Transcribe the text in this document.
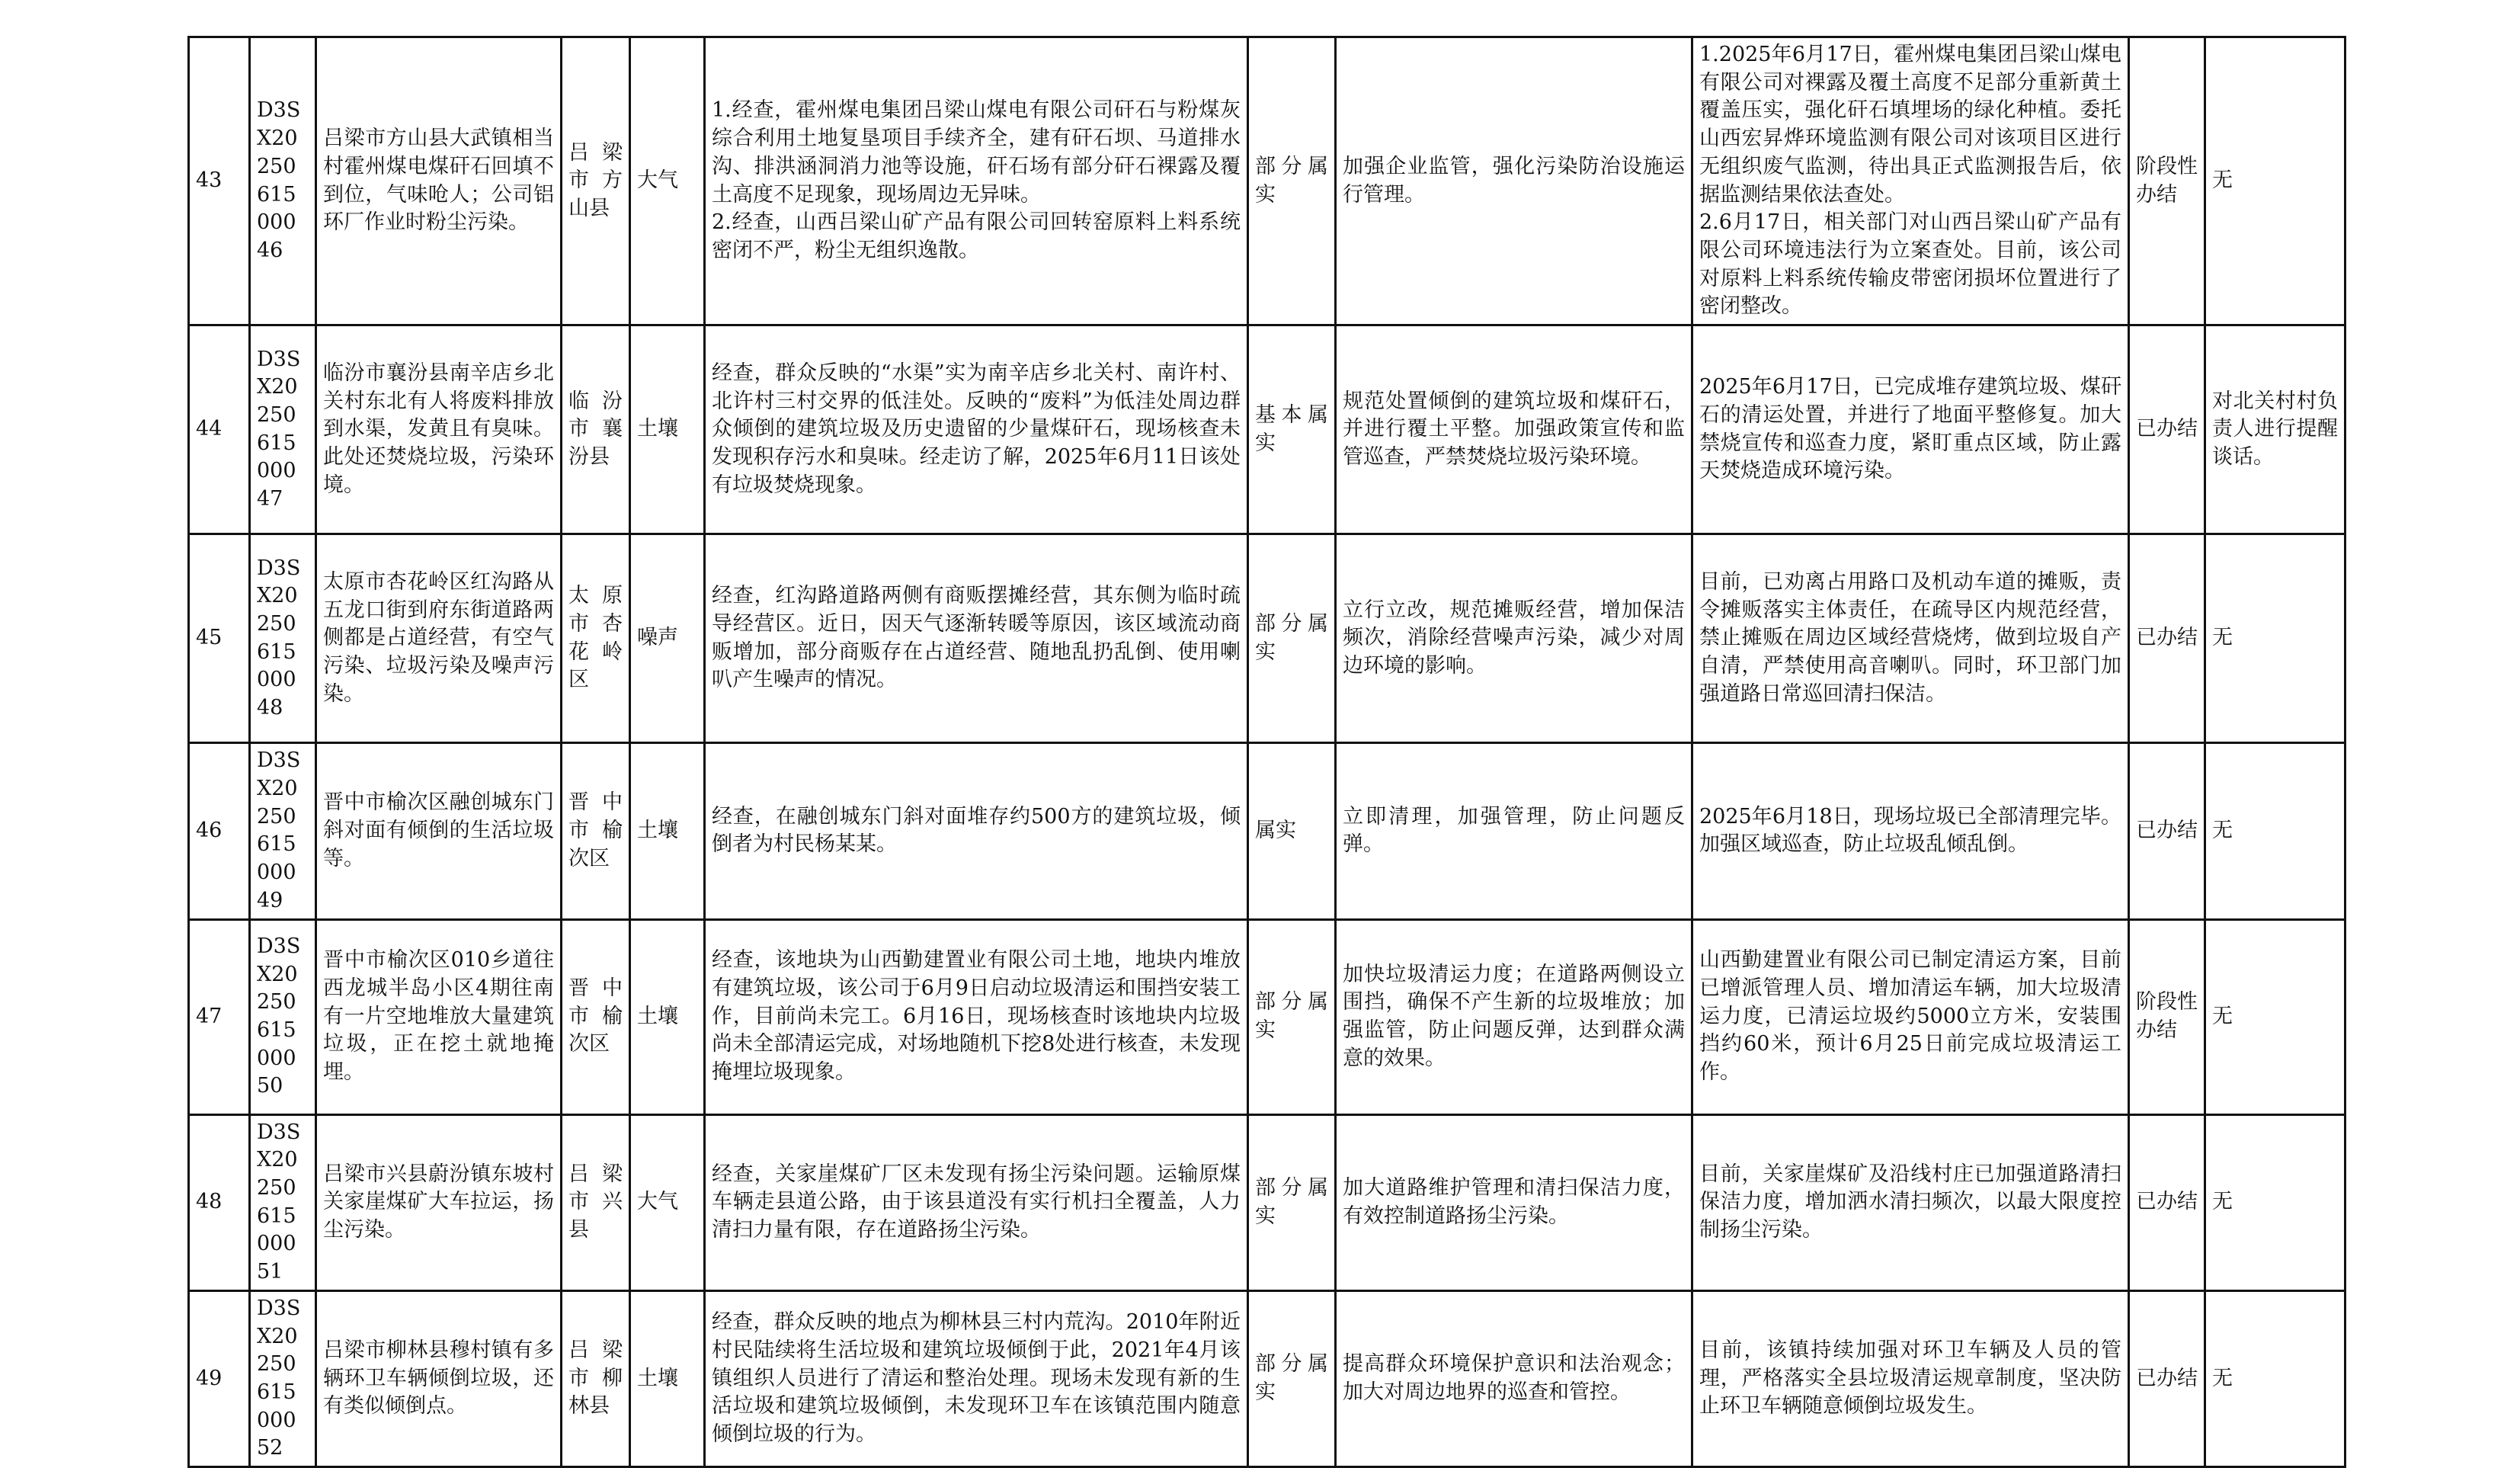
43	D3SX2025061500046	吕梁市方山县大武镇相当村霍州煤电煤矸石回填不到位，气味呛人；公司铝环厂作业时粉尘污染。	吕梁市方山县	大气	1.经查，霍州煤电集团吕梁山煤电有限公司矸石与粉煤灰综合利用土地复垦项目手续齐全，建有矸石坝、马道排水沟、排洪涵洞消力池等设施，矸石场有部分矸石裸露及覆土高度不足现象，现场周边无异味。
2.经查，山西吕梁山矿产品有限公司回转窑原料上料系统密闭不严，粉尘无组织逸散。	部分属实	加强企业监管，强化污染防治设施运行管理。	1.2025年6月17日，霍州煤电集团吕梁山煤电有限公司对裸露及覆土高度不足部分重新黄土覆盖压实，强化矸石填埋场的绿化种植。委托山西宏昇烨环境监测有限公司对该项目区进行无组织废气监测，待出具正式监测报告后，依据监测结果依法查处。
2.6月17日，相关部门对山西吕梁山矿产品有限公司环境违法行为立案查处。目前，该公司对原料上料系统传输皮带密闭损坏位置进行了密闭整改。	阶段性办结	无
44	D3SX2025061500047	临汾市襄汾县南辛店乡北关村东北有人将废料排放到水渠，发黄且有臭味。此处还焚烧垃圾，污染环境。	临汾市襄汾县	土壤	经查，群众反映的“水渠”实为南辛店乡北关村、南许村、北许村三村交界的低洼处。反映的“废料”为低洼处周边群众倾倒的建筑垃圾及历史遗留的少量煤矸石，现场核查未发现积存污水和臭味。经走访了解，2025年6月11日该处有垃圾焚烧现象。	基本属实	规范处置倾倒的建筑垃圾和煤矸石，并进行覆土平整。加强政策宣传和监管巡查，严禁焚烧垃圾污染环境。	2025年6月17日，已完成堆存建筑垃圾、煤矸石的清运处置，并进行了地面平整修复。加大禁烧宣传和巡查力度，紧盯重点区域，防止露天焚烧造成环境污染。	已办结	对北关村村负责人进行提醒谈话。
45	D3SX2025061500048	太原市杏花岭区红沟路从五龙口街到府东街道路两侧都是占道经营，有空气污染、垃圾污染及噪声污染。	太原市杏花岭区	噪声	经查，红沟路道路两侧有商贩摆摊经营，其东侧为临时疏导经营区。近日，因天气逐渐转暖等原因，该区域流动商贩增加，部分商贩存在占道经营、随地乱扔乱倒、使用喇叭产生噪声的情况。	部分属实	立行立改，规范摊贩经营，增加保洁频次，消除经营噪声污染，减少对周边环境的影响。	目前，已劝离占用路口及机动车道的摊贩，责令摊贩落实主体责任，在疏导区内规范经营，禁止摊贩在周边区域经营烧烤，做到垃圾自产自清，严禁使用高音喇叭。同时，环卫部门加强道路日常巡回清扫保洁。	已办结	无
46	D3SX2025061500049	晋中市榆次区融创城东门斜对面有倾倒的生活垃圾等。	晋中市榆次区	土壤	经查，在融创城东门斜对面堆存约500方的建筑垃圾，倾倒者为村民杨某某。	属实	立即清理，加强管理，防止问题反弹。	2025年6月18日，现场垃圾已全部清理完毕。加强区域巡查，防止垃圾乱倾乱倒。	已办结	无
47	D3SX2025061500050	晋中市榆次区010乡道往西龙城半岛小区4期往南有一片空地堆放大量建筑垃圾，正在挖土就地掩埋。	晋中市榆次区	土壤	经查，该地块为山西勤建置业有限公司土地，地块内堆放有建筑垃圾，该公司于6月9日启动垃圾清运和围挡安装工作，目前尚未完工。6月16日，现场核查时该地块内垃圾尚未全部清运完成，对场地随机下挖8处进行核查，未发现掩埋垃圾现象。	部分属实	加快垃圾清运力度；在道路两侧设立围挡，确保不产生新的垃圾堆放；加强监管，防止问题反弹，达到群众满意的效果。	山西勤建置业有限公司已制定清运方案，目前已增派管理人员、增加清运车辆，加大垃圾清运力度，已清运垃圾约5000立方米，安装围挡约60米，预计6月25日前完成垃圾清运工作。	阶段性办结	无
48	D3SX2025061500051	吕梁市兴县蔚汾镇东坡村关家崖煤矿大车拉运，扬尘污染。	吕梁市兴县	大气	经查，关家崖煤矿厂区未发现有扬尘污染问题。运输原煤车辆走县道公路，由于该县道没有实行机扫全覆盖，人力清扫力量有限，存在道路扬尘污染。	部分属实	加大道路维护管理和清扫保洁力度，有效控制道路扬尘污染。	目前，关家崖煤矿及沿线村庄已加强道路清扫保洁力度，增加洒水清扫频次，以最大限度控制扬尘污染。	已办结	无
49	D3SX2025061500052	吕梁市柳林县穆村镇有多辆环卫车辆倾倒垃圾，还有类似倾倒点。	吕梁市柳林县	土壤	经查，群众反映的地点为柳林县三村内荒沟。2010年附近村民陆续将生活垃圾和建筑垃圾倾倒于此，2021年4月该镇组织人员进行了清运和整治处理。现场未发现有新的生活垃圾和建筑垃圾倾倒，未发现环卫车在该镇范围内随意倾倒垃圾的行为。	部分属实	提高群众环境保护意识和法治观念；加大对周边地界的巡查和管控。	目前，该镇持续加强对环卫车辆及人员的管理，严格落实全县垃圾清运规章制度，坚决防止环卫车辆随意倾倒垃圾发生。	已办结	无
